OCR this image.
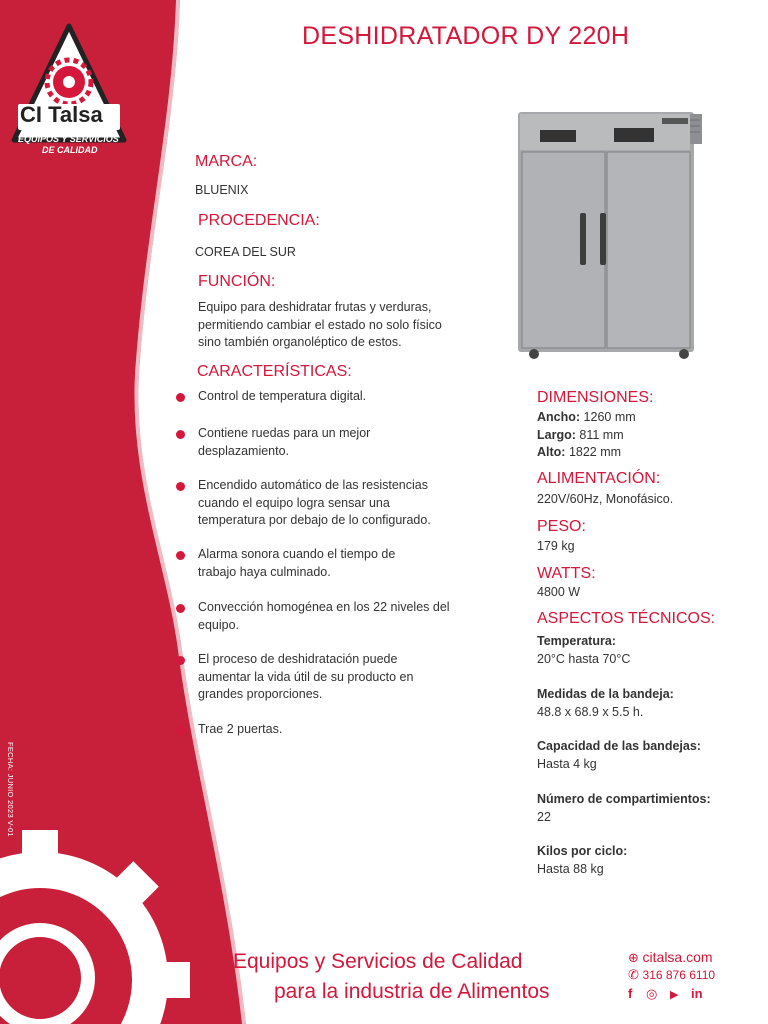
CI Talsa
EQUIPOS Y SERVICIOS
DE CALIDAD
FECHA: JUNIO 2023 V-01
DESHIDRATADOR DY 220H
MARCA:
BLUENIX
PROCEDENCIA:
COREA DEL SUR
FUNCIÓN:
Equipo para deshidratar frutas y verduras,
permitiendo cambiar el estado no solo físico
sino también organoléptico de estos.
CARACTERÍSTICAS:
Control de temperatura digital.
Contiene ruedas para un mejor
desplazamiento.
Encendido automático de las resistencias
cuando el equipo logra sensar una
temperatura por debajo de lo configurado.
Alarma sonora cuando el tiempo de
trabajo haya culminado.
Convección homogénea en los 22 niveles del
equipo.
El proceso de deshidratación puede
aumentar la vida útil de su producto en
grandes proporciones.
Trae 2 puertas.
DIMENSIONES:
Ancho: 1260 mm
Largo: 811 mm
Alto: 1822 mm
ALIMENTACIÓN:
220V/60Hz, Monofásico.
PESO:
179 kg
WATTS:
4800 W
ASPECTOS TÉCNICOS:
Temperatura:
20°C hasta 70°C
Medidas de la bandeja:
48.8 x 68.9 x 5.5 h.
Capacidad de las bandejas:
Hasta 4 kg
Número de compartimientos:
22
Kilos por ciclo:
Hasta 88 kg
Equipos y Servicios de Calidad
para la industria de Alimentos
⊕ citalsa.com
✆ 316 876 6110
f ◎ ▶ in
